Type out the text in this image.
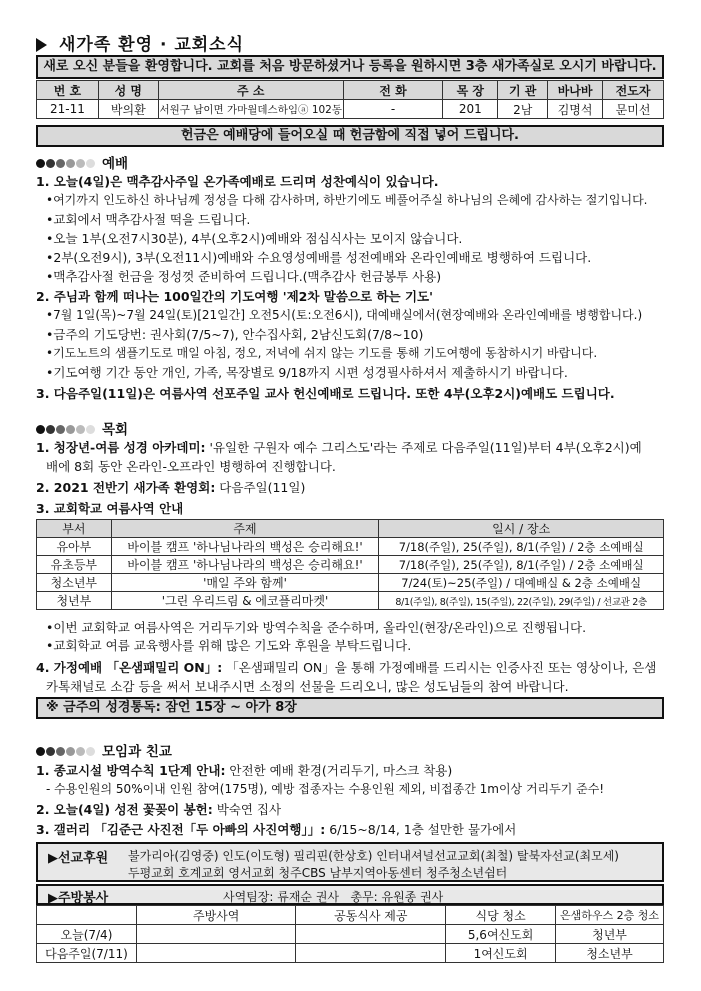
새가족 환영 · 교회소식
새로 오신 분들을 환영합니다. 교회를 처음 방문하셨거나 등록을 원하시면 3층 새가족실로 오시기 바랍니다.
번 호	성 명	주 소	전 화	목 장	기 관	바나바	전도자
21-11	박의환	서원구 남이면 가마월데스하임ⓐ 102동	-	201	2남	김명석	문미선
헌금은 예배당에 들어오실 때 헌금함에 직접 넣어 드립니다.
예배
1. 오늘(4일)은 맥추감사주일 온가족예배로 드리며 성찬예식이 있습니다.
•여기까지 인도하신 하나님께 정성을 다해 감사하며, 하반기에도 베풀어주실 하나님의 은혜에 감사하는 절기입니다.
•교회에서 맥추감사절 떡을 드립니다.
•오늘 1부(오전7시30분), 4부(오후2시)예배와 점심식사는 모이지 않습니다.
•2부(오전9시), 3부(오전11시)예배와 수요영성예배를 성전예배와 온라인예배로 병행하여 드립니다.
•맥추감사절 헌금을 정성껏 준비하여 드립니다.(맥추감사 헌금봉투 사용)
2. 주님과 함께 떠나는 100일간의 기도여행 '제2차 말씀으로 하는 기도'
•7월 1일(목)~7월 24일(토)[21일간] 오전5시(토:오전6시), 대예배실에서(현장예배와 온라인예배를 병행합니다.)
•금주의 기도당번: 권사회(7/5~7), 안수집사회, 2남신도회(7/8~10)
•기도노트의 샘플기도로 매일 아침, 정오, 저녁에 쉬지 않는 기도를 통해 기도여행에 동참하시기 바랍니다.
•기도여행 기간 동안 개인, 가족, 목장별로 9/18까지 시편 성경필사하셔서 제출하시기 바랍니다.
3. 다음주일(11일)은 여름사역 선포주일 교사 헌신예배로 드립니다. 또한 4부(오후2시)예배도 드립니다.
목회
1. 청장년-여름 성경 아카데미: '유일한 구원자 예수 그리스도'라는 주제로 다음주일(11일)부터 4부(오후2시)예
배에 8회 동안 온라인-오프라인 병행하여 진행합니다.
2. 2021 전반기 새가족 환영회: 다음주일(11일)
3. 교회학교 여름사역 안내
부서	주제	일시 / 장소
유아부	바이블 캠프 '하나님나라의 백성은 승리해요!'	7/18(주일), 25(주일), 8/1(주일) / 2층 소예배실
유초등부	바이블 캠프 '하나님나라의 백성은 승리해요!'	7/18(주일), 25(주일), 8/1(주일) / 2층 소예배실
청소년부	'매일 주와 함께'	7/24(토)~25(주일) / 대예배실 & 2층 소예배실
청년부	'그린 우리드림 & 에코플리마켓'	8/1(주일), 8(주일), 15(주일), 22(주일), 29(주일) / 선교관 2층
•이번 교회학교 여름사역은 거리두기와 방역수칙을 준수하며, 올라인(현장/온라인)으로 진행됩니다.
•교회학교 여름 교육행사를 위해 많은 기도와 후원을 부탁드립니다.
4. 가정예배 「온샘패밀리 ON」: 「온샘패밀리 ON」을 통해 가정예배를 드리시는 인증사진 또는 영상이나, 은샘
카톡채널로 소감 등을 써서 보내주시면 소정의 선물을 드리오니, 많은 성도님들의 참여 바랍니다.
※ 금주의 성경통독: 잠언 15장 ~ 아가 8장
모임과 친교
1. 종교시설 방역수칙 1단계 안내: 안전한 예배 환경(거리두기, 마스크 착용)
- 수용인원의 50%이내 인원 참여(175명), 예방 접종자는 수용인원 제외, 비접종간 1m이상 거리두기 준수!
2. 오늘(4일) 성전 꽃꽂이 봉헌: 박숙연 집사
3. 갤러리 「김준근 사진전「두 아빠의 사진여행」」: 6/15~8/14, 1층 설만한 물가에서
▶선교후원 불가리아(김영중) 인도(이도형) 필리핀(한상호) 인터내셔널선교교회(최철) 탈북자선교(최모세)
두평교회 호계교회 영서교회 청주CBS 남부지역아동센터 청주청소년쉼터
▶주방봉사	사역팀장: 류재순 권사   총무: 유원종 권사
	주방사역	공동식사 제공	식당 청소	은샘하우스 2층 청소
오늘(7/4)			5,6여신도회	청년부
다음주일(7/11)			1여신도회	청소년부
